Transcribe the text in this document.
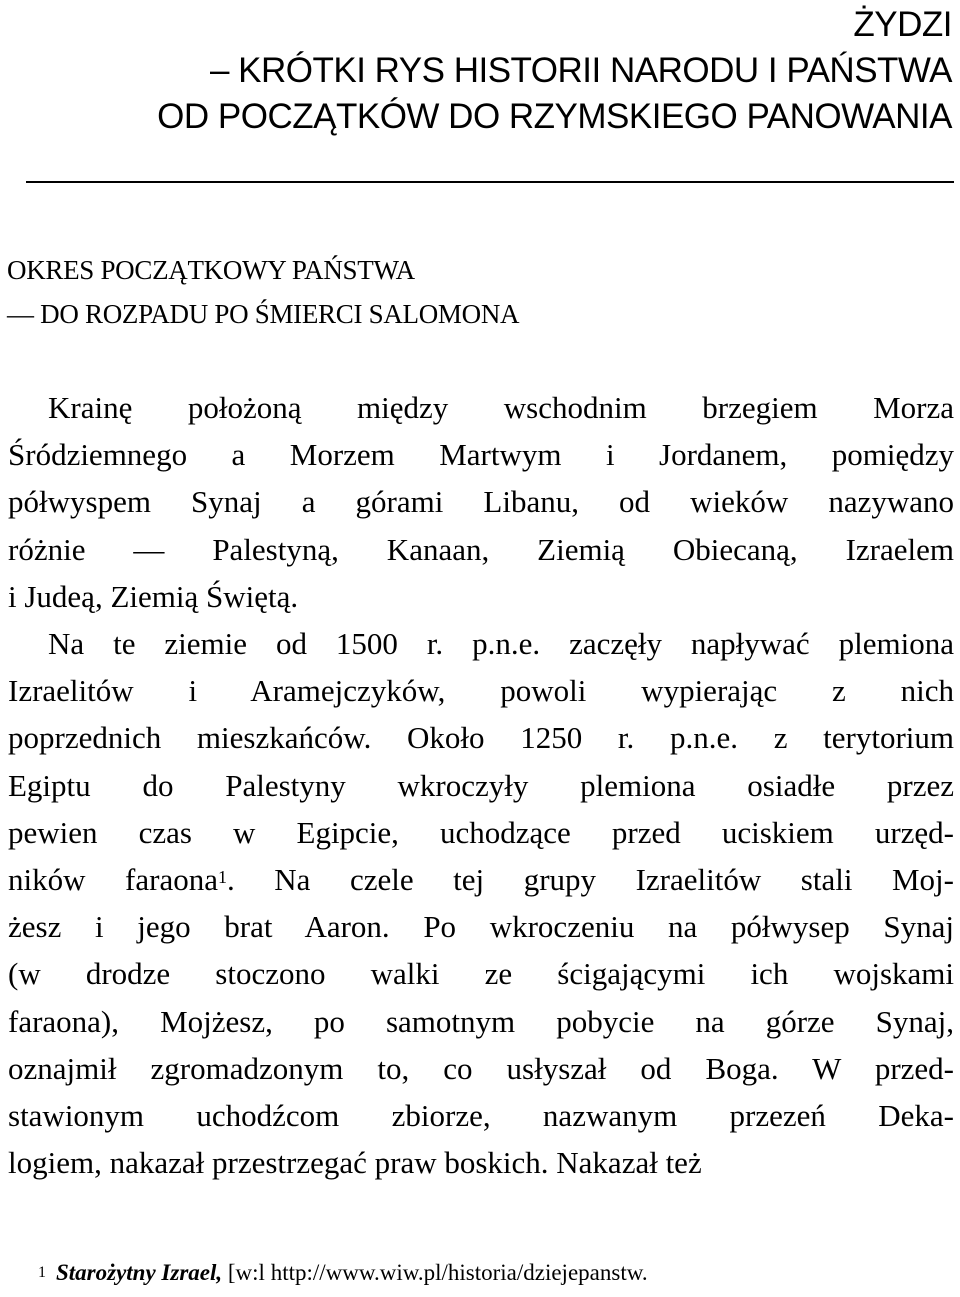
ŻYDZI
– KRÓTKI RYS HISTORII NARODU I PAŃSTWA
OD POCZĄTKÓW DO RZYMSKIEGO PANOWANIA
OKRES POCZĄTKOWY PAŃSTWA
— DO ROZPADU PO ŚMIERCI SALOMONA
Krainę położoną między wschodnim brzegiem Morza
Śródziemnego a Morzem Martwym i Jordanem, pomiędzy
półwyspem Synaj a górami Libanu, od wieków nazywano
różnie — Palestyną, Kanaan, Ziemią Obiecaną, Izraelem
i Judeą, Ziemią Świętą.
Na te ziemie od 1500 r. p.n.e. zaczęły napływać plemiona
Izraelitów i Aramejczyków, powoli wypierając z nich
poprzednich mieszkańców. Około 1250 r. p.n.e. z terytorium
Egiptu do Palestyny wkroczyły plemiona osiadłe przez
pewien czas w Egipcie, uchodzące przed uciskiem urzęd-
ników faraona$^1$. Na czele tej grupy Izraelitów stali Moj-
żesz i jego brat Aaron. Po wkroczeniu na półwysep Synaj
(w drodze stoczono walki ze ścigającymi ich wojskami
faraona), Mojżesz, po samotnym pobycie na górze Synaj,
oznajmił zgromadzonym to, co usłyszał od Boga. W przed-
stawionym uchodźcom zbiorze, nazwanym przezeń Deka-
logiem, nakazał przestrzegać praw boskich. Nakazał też
$^1$ Starożytny Izrael, [w:l http://www.wiw.pl/historia/dziejepanstw.
